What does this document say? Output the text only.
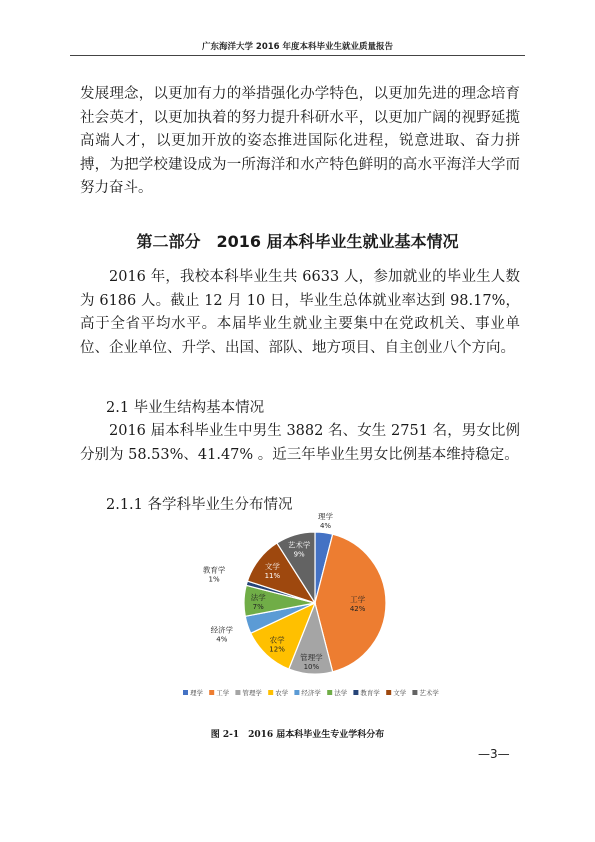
广东海洋大学 2016 年度本科毕业生就业质量报告

发展理念，以更加有力的举措强化办学特色，以更加先进的理念培育社会英才，以更加执着的努力提升科研水平，以更加广阔的视野延揽高端人才，以更加开放的姿态推进国际化进程，锐意进取、奋力拼搏，为把学校建设成为一所海洋和水产特色鲜明的高水平海洋大学而努力奋斗。

第二部分　2016 届本科毕业生就业基本情况

2016 年，我校本科毕业生共 6633 人，参加就业的毕业生人数为 6186 人。截止 12 月 10 日，毕业生总体就业率达到 98.17%，高于全省平均水平。本届毕业生就业主要集中在党政机关、事业单位、企业单位、升学、出国、部队、地方项目、自主创业八个方向。

2.1 毕业生结构基本情况

2016 届本科毕业生中男生 3882 名、女生 2751 名，男女比例分别为 58.53%、41.47% 。近三年毕业生男女比例基本维持稳定。

2.1.1 各学科毕业生分布情况

理学
4%
工学
42%
管理学
10%
农学
12%
经济学
4%
法学
7%
教育学
1%
文学
11%
艺术学
9%
理学 工学 管理学 农学 经济学 法学 教育学 文学 艺术学
图 2-1　2016 届本科毕业生专业学科分布
—3—
